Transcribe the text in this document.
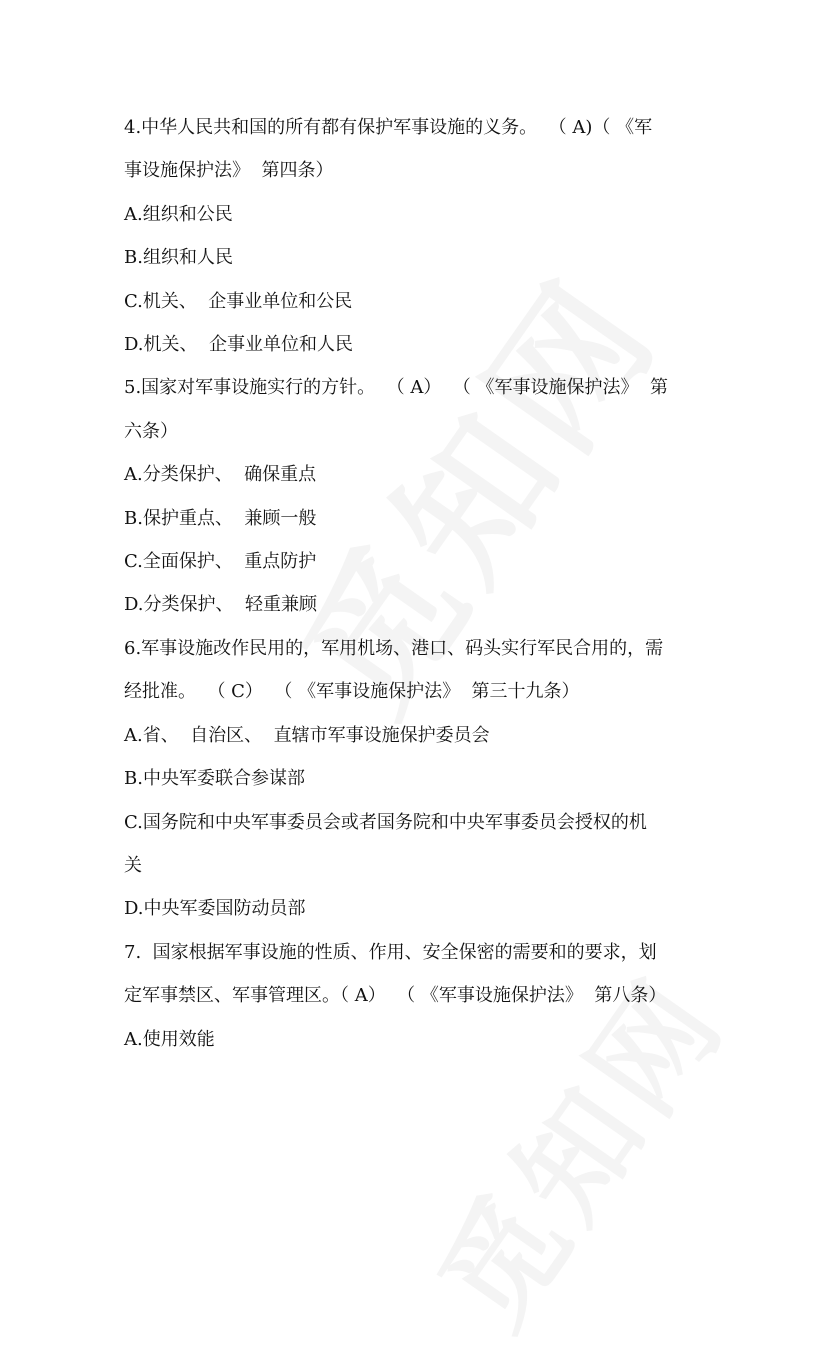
4.中华人民共和国的所有都有保护军事设施的义务。  （ A)（ 《军
事设施保护法》  第四条）
A.组织和公民
B.组织和人民
C.机关、  企事业单位和公民
D.机关、  企事业单位和人民
5.国家对军事设施实行的方针。  （ A）  （ 《军事设施保护法》  第
六条）
A.分类保护、  确保重点
B.保护重点、  兼顾一般
C.全面保护、  重点防护
D.分类保护、  轻重兼顾
6.军事设施改作民用的，军用机场、港口、码头实行军民合用的，需
经批准。  （ C）  （ 《军事设施保护法》  第三十九条）
A.省、  自治区、  直辖市军事设施保护委员会
B.中央军委联合参谋部
C.国务院和中央军事委员会或者国务院和中央军事委员会授权的机
关
D.中央军委国防动员部
7.  国家根据军事设施的性质、作用、安全保密的需要和的要求，划
定军事禁区、军事管理区。（ A）  （ 《军事设施保护法》  第八条）
A.使用效能
